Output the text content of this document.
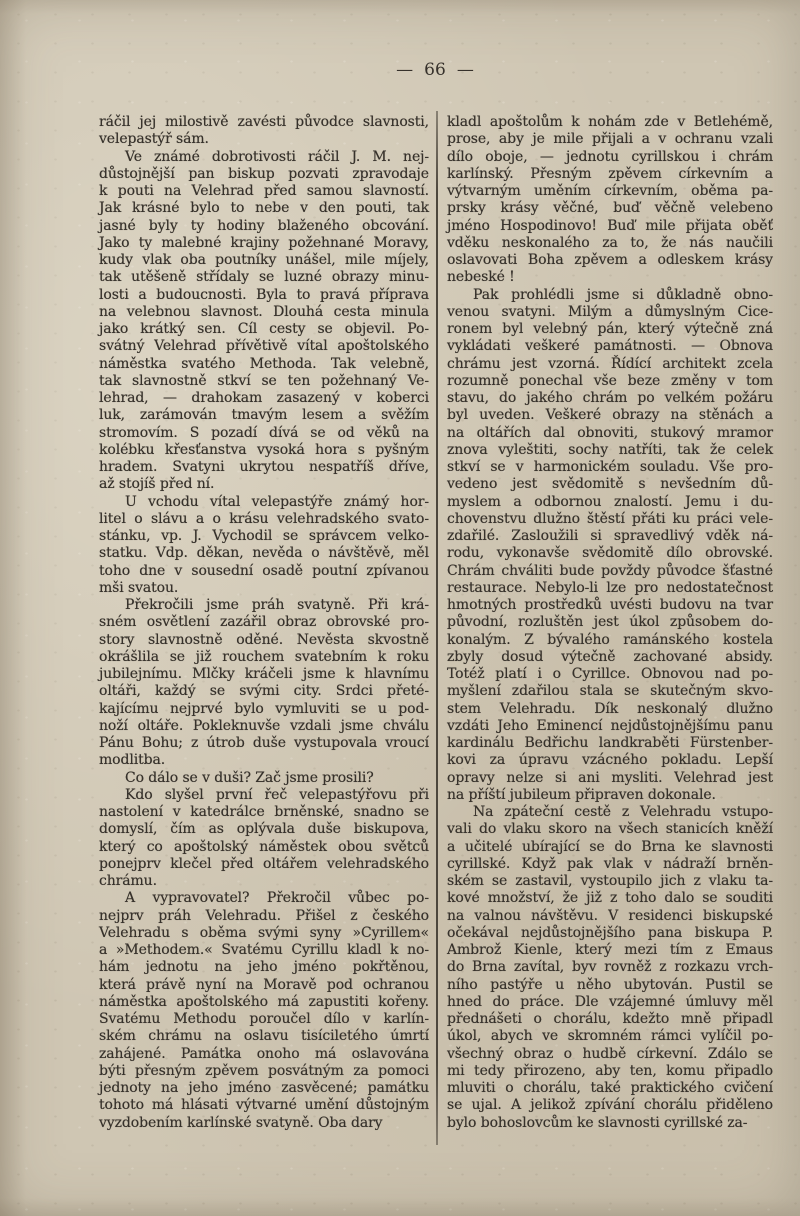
— 66 —
ráčil jej milostivě zavésti původce slavnosti,
velepastýř sám.
Ve známé dobrotivosti ráčil J. M. nej-
důstojnější pan biskup pozvati zpravodaje
k pouti na Velehrad před samou slavností.
Jak krásné bylo to nebe v den pouti, tak
jasné byly ty hodiny blaženého obcování.
Jako ty malebné krajiny požehnané Moravy,
kudy vlak oba poutníky unášel, mile míjely,
tak utěšeně střídaly se luzné obrazy minu-
losti a budoucnosti. Byla to pravá příprava
na velebnou slavnost. Dlouhá cesta minula
jako krátký sen. Cíl cesty se objevil. Po-
svátný Velehrad přívětivě vítal apoštolského
náměstka svatého Methoda. Tak velebně,
tak slavnostně stkví se ten požehnaný Ve-
lehrad, — drahokam zasazený v koberci
luk, zarámován tmavým lesem a svěžím
stromovím. S pozadí dívá se od věků na
kolébku křesťanstva vysoká hora s pyšným
hradem. Svatyni ukrytou nespatříš dříve,
až stojíš před ní.
U vchodu vítal velepastýře známý hor-
litel o slávu a o krásu velehradského svato-
stánku, vp. J. Vychodil se správcem velko-
statku. Vdp. děkan, nevěda o návštěvě, měl
toho dne v sousední osadě poutní zpívanou
mši svatou.
Překročili jsme práh svatyně. Při krá-
sném osvětlení zazářil obraz obrovské pro-
story slavnostně oděné. Nevěsta skvostně
okrášlila se již rouchem svatebním k roku
jubilejnímu. Mlčky kráčeli jsme k hlavnímu
oltáři, každý se svými city. Srdci přeté-
kajícímu nejprvé bylo vymluviti se u pod-
noží oltáře. Pokleknuvše vzdali jsme chválu
Pánu Bohu; z útrob duše vystupovala vroucí
modlitba.
Co dálo se v duši? Zač jsme prosili?
Kdo slyšel první řeč velepastýřovu při
nastolení v katedrálce brněnské, snadno se
domyslí, čím as oplývala duše biskupova,
který co apoštolský náměstek obou světců
ponejprv klečel před oltářem velehradského
chrámu.
A vypravovatel? Překročil vůbec po-
nejprv práh Velehradu. Přišel z českého
Velehradu s oběma svými syny »Cyrillem«
a »Methodem.« Svatému Cyrillu kladl k no-
hám jednotu na jeho jméno pokřtěnou,
která právě nyní na Moravě pod ochranou
náměstka apoštolského má zapustiti kořeny.
Svatému Methodu poroučel dílo v karlín-
ském chrámu na oslavu tisíciletého úmrtí
zahájené. Památka onoho má oslavována
býti přesným zpěvem posvátným za pomoci
jednoty na jeho jméno zasvěcené; památku
tohoto má hlásati výtvarné umění důstojným
vyzdobením karlínské svatyně. Oba dary
kladl apoštolům k nohám zde v Betlehémě,
prose, aby je mile přijali a v ochranu vzali
dílo oboje, — jednotu cyrillskou i chrám
karlínský. Přesným zpěvem církevním a
výtvarným uměním církevním, oběma pa-
prsky krásy věčné, buď věčně velebeno
jméno Hospodinovo! Buď mile přijata oběť
vděku neskonalého za to, že nás naučili
oslavovati Boha zpěvem a odleskem krásy
nebeské !
Pak prohlédli jsme si důkladně obno-
venou svatyni. Milým a důmyslným Cice-
ronem byl velebný pán, který výtečně zná
vykládati veškeré památnosti. — Obnova
chrámu jest vzorná. Řídící architekt zcela
rozumně ponechal vše beze změny v tom
stavu, do jakého chrám po velkém požáru
byl uveden. Veškeré obrazy na stěnách a
na oltářích dal obnoviti, stukový mramor
znova vyleštiti, sochy natříti, tak že celek
stkví se v harmonickém souladu. Vše pro-
vedeno jest svědomitě s nevšedním dů-
myslem a odbornou znalostí. Jemu i du-
chovenstvu dlužno štěstí přáti ku práci vele-
zdařilé. Zasloužili si spravedlivý vděk ná-
rodu, vykonavše svědomitě dílo obrovské.
Chrám chváliti bude povždy původce šťastné
restaurace. Nebylo-li lze pro nedostatečnost
hmotných prostředků uvésti budovu na tvar
původní, rozluštěn jest úkol způsobem do-
konalým. Z bývalého ramánského kostela
zbyly dosud výtečně zachované absidy.
Totéž platí i o Cyrillce. Obnovou nad po-
myšlení zdařilou stala se skutečným skvo-
stem Velehradu. Dík neskonalý dlužno
vzdáti Jeho Eminencí nejdůstojnějšímu panu
kardinálu Bedřichu landkraběti Fürstenber-
kovi za úpravu vzácného pokladu. Lepší
opravy nelze si ani mysliti. Velehrad jest
na příští jubileum připraven dokonale.
Na zpáteční cestě z Velehradu vstupo-
vali do vlaku skoro na všech stanicích kněží
a učitelé ubírající se do Brna ke slavnosti
cyrillské. Když pak vlak v nádraží brněn-
ském se zastavil, vystoupilo jich z vlaku ta-
kové množství, že již z toho dalo se souditi
na valnou návštěvu. V residenci biskupské
očekával nejdůstojnějšího pana biskupa P.
Ambrož Kienle, který mezi tím z Emaus
do Brna zavítal, byv rovněž z rozkazu vrch-
ního pastýře u něho ubytován. Pustil se
hned do práce. Dle vzájemné úmluvy měl
přednášeti o chorálu, kdežto mně připadl
úkol, abych ve skromném rámci vylíčil po-
všechný obraz o hudbě církevní. Zdálo se
mi tedy přirozeno, aby ten, komu připadlo
mluviti o chorálu, také praktického cvičení
se ujal. A jelikož zpívání chorálu přiděleno
bylo bohoslovcům ke slavnosti cyrillské za-
